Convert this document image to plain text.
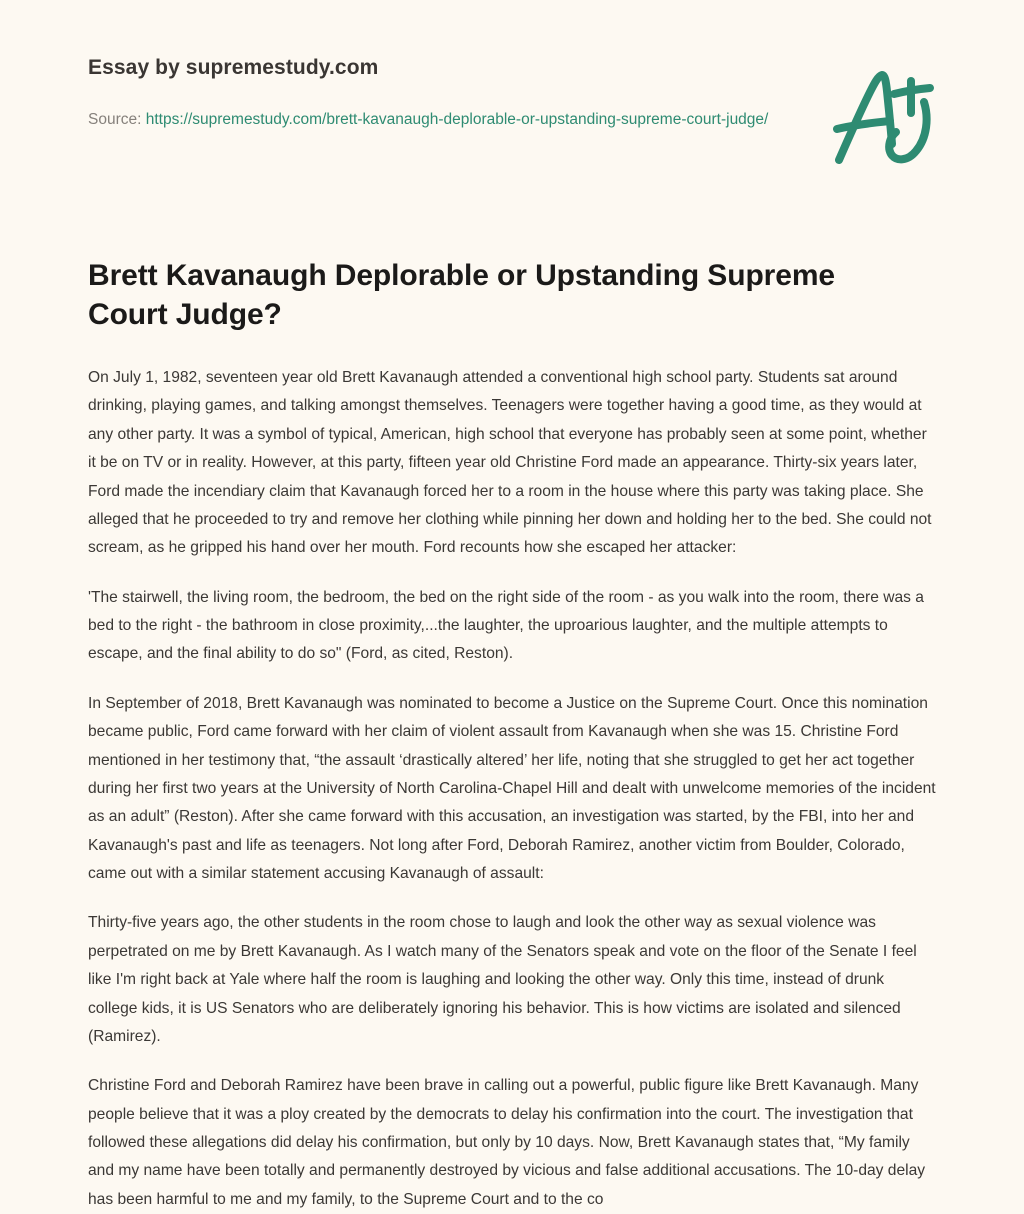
Essay by supremestudy.com
Source: https://supremestudy.com/brett-kavanaugh-deplorable-or-upstanding-supreme-court-judge/
Brett Kavanaugh Deplorable or Upstanding Supreme Court Judge?

On July 1, 1982, seventeen year old Brett Kavanaugh attended a conventional high school party. Students sat around drinking, playing games, and talking amongst themselves. Teenagers were together having a good time, as they would at any other party. It was a symbol of typical, American, high school that everyone has probably seen at some point, whether it be on TV or in reality. However, at this party, fifteen year old Christine Ford made an appearance. Thirty-six years later, Ford made the incendiary claim that Kavanaugh forced her to a room in the house where this party was taking place. She alleged that he proceeded to try and remove her clothing while pinning her down and holding her to the bed. She could not scream, as he gripped his hand over her mouth. Ford recounts how she escaped her attacker:

'The stairwell, the living room, the bedroom, the bed on the right side of the room - as you walk into the room, there was a bed to the right - the bathroom in close proximity,...the laughter, the uproarious laughter, and the multiple attempts to escape, and the final ability to do so" (Ford, as cited, Reston).

In September of 2018, Brett Kavanaugh was nominated to become a Justice on the Supreme Court. Once this nomination became public, Ford came forward with her claim of violent assault from Kavanaugh when she was 15. Christine Ford mentioned in her testimony that, “the assault ‘drastically altered’ her life, noting that she struggled to get her act together during her first two years at the University of North Carolina-Chapel Hill and dealt with unwelcome memories of the incident as an adult” (Reston). After she came forward with this accusation, an investigation was started, by the FBI, into her and Kavanaugh's past and life as teenagers. Not long after Ford, Deborah Ramirez, another victim from Boulder, Colorado, came out with a similar statement accusing Kavanaugh of assault:

Thirty-five years ago, the other students in the room chose to laugh and look the other way as sexual violence was perpetrated on me by Brett Kavanaugh. As I watch many of the Senators speak and vote on the floor of the Senate I feel like I'm right back at Yale where half the room is laughing and looking the other way. Only this time, instead of drunk college kids, it is US Senators who are deliberately ignoring his behavior. This is how victims are isolated and silenced (Ramirez).

Christine Ford and Deborah Ramirez have been brave in calling out a powerful, public figure like Brett Kavanaugh. Many people believe that it was a ploy created by the democrats to delay his confirmation into the court. The investigation that followed these allegations did delay his confirmation, but only by 10 days. Now, Brett Kavanaugh states that, “My family and my name have been totally and permanently destroyed by vicious and false additional accusations. The 10-day delay has been harmful to me and my family, to the Supreme Court and to the co
